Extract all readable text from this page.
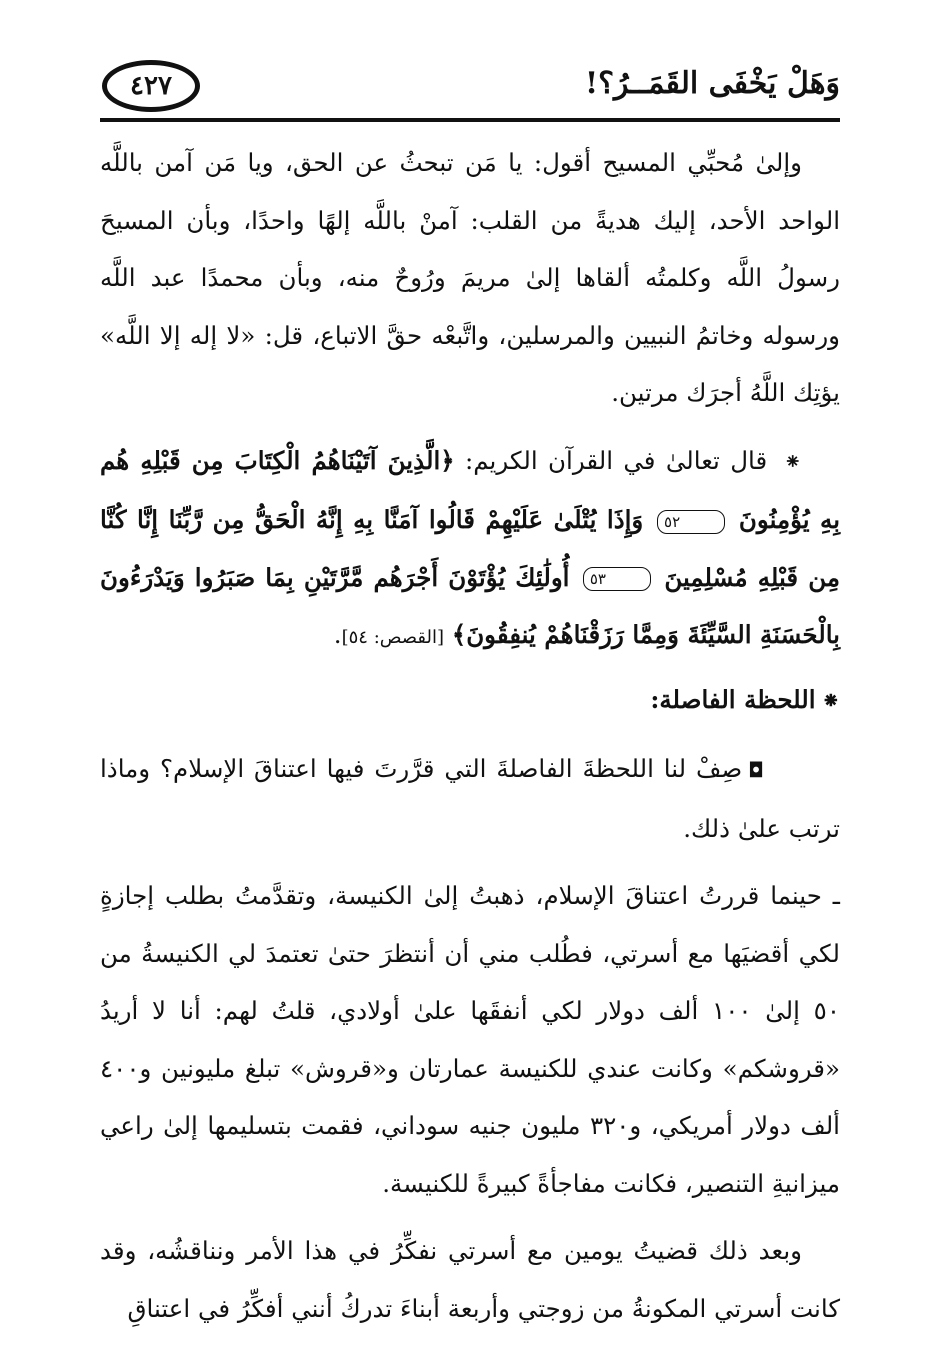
٤٢٧	وَهَلْ يَخْفَى القَمَــرُ؟!

وإلىٰ مُحبِّي المسيح أقول: يا مَن تبحثُ عن الحق، ويا مَن آمن باللَّه الواحد الأحد، إليك هديةً من القلب: آمنْ باللَّه إلهًا واحدًا، وبأن المسيحَ رسولُ اللَّه وكلمتُه ألقاها إلىٰ مريمَ ورُوحٌ منه، وبأن محمدًا عبد اللَّه ورسوله وخاتمُ النبيين والمرسلين، واتَّبعْه حقَّ الاتباع، قل: «لا إله إلا اللَّه» يؤتِك اللَّهُ أجرَك مرتين.

⁕ قال تعالىٰ في القرآن الكريم: ﴿الَّذِينَ آتَيْنَاهُمُ الْكِتَابَ مِن قَبْلِهِ هُم بِهِ يُؤْمِنُونَ ٥٢ وَإِذَا يُتْلَىٰ عَلَيْهِمْ قَالُوا آمَنَّا بِهِ إِنَّهُ الْحَقُّ مِن رَّبِّنَا إِنَّا كُنَّا مِن قَبْلِهِ مُسْلِمِينَ ٥٣ أُولَٰئِكَ يُؤْتَوْنَ أَجْرَهُم مَّرَّتَيْنِ بِمَا صَبَرُوا وَيَدْرَءُونَ بِالْحَسَنَةِ السَّيِّئَةَ وَمِمَّا رَزَقْنَاهُمْ يُنفِقُونَ﴾ [القصص: ٥٤].

⁕اللحظة الفاصلة:

◘صِفْ لنا اللحظةَ الفاصلةَ التي قرَّرتَ فيها اعتناقَ الإسلام؟ وماذا ترتب علىٰ ذلك.

ـ حينما قررتُ اعتناقَ الإسلام، ذهبتُ إلىٰ الكنيسة، وتقدَّمتُ بطلب إجازةٍ لكي أقضيَها مع أسرتي، فطُلب مني أن أنتظرَ حتىٰ تعتمدَ لي الكنيسةُ من ٥٠ إلىٰ ١٠٠ ألف دولار لكي أنفقَها علىٰ أولادي، قلتُ لهم: أنا لا أريدُ «قروشكم» وكانت عندي للكنيسة عمارتان و«قروش» تبلغ مليونين و٤٠٠ ألف دولار أمريكي، و٣٢٠ مليون جنيه سوداني، فقمت بتسليمها إلىٰ راعي ميزانيةِ التنصير، فكانت مفاجأةً كبيرةً للكنيسة.

وبعد ذلك قضيتُ يومين مع أسرتي نفكِّرُ في هذا الأمر ونناقشُه، وقد كانت أسرتي المكونةُ من زوجتي وأربعة أبناءَ تدركُ أنني أفكِّرُ في اعتناقِ
